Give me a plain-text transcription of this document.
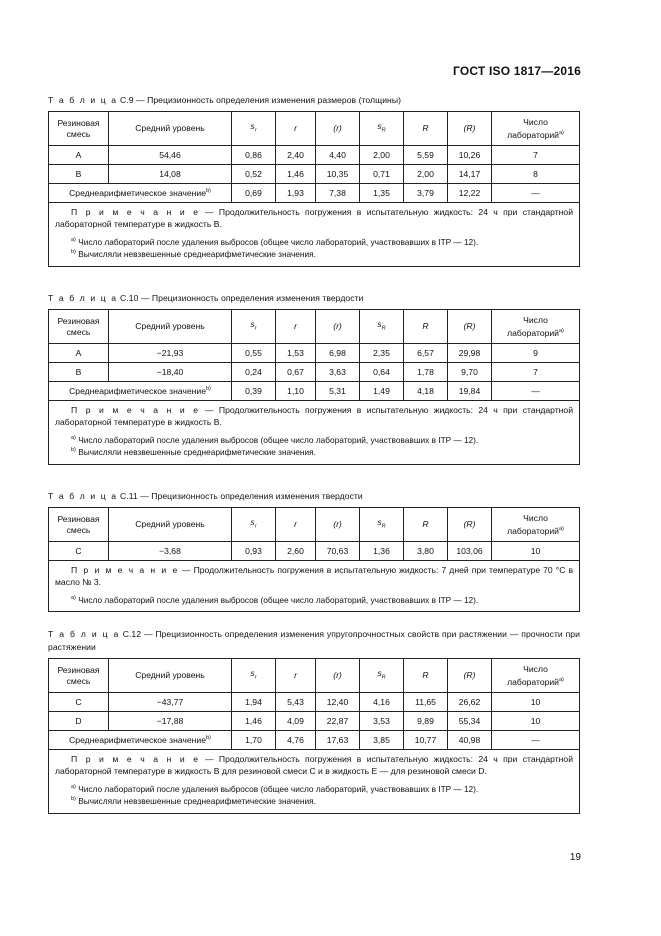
ГОСТ ISO 1817—2016

Т а б л и ц а С.9 — Прецизионность определения изменения размеров (толщины)

Резиновая смесь	Средний уровень	$s_r$	r	(r)	$s_R$	R	(R)	Число лабораторий$^{a)}$
A	54,46	0,86	2,40	4,40	2,00	5,59	10,26	7
B	14,08	0,52	1,46	10,35	0,71	2,00	14,17	8
Среднеарифметическое значение$^{b)}$		0,69	1,93	7,38	1,35	3,79	12,22	—

П р и м е ч а н и е — Продолжительность погружения в испытательную жидкость: 24 ч при стандартной лабораторной температуре в жидкость В.

$^{a)}$ Число лабораторий после удаления выбросов (общее число лабораторий, участвовавших в ITP — 12).

$^{b)}$ Вычисляли невзвешенные среднеарифметические значения.								

Т а б л и ц а С.10 — Прецизионность определения изменения твердости

Резиновая смесь	Средний уровень	$s_r$	r	(r)	$s_R$	R	(R)	Число лабораторий$^{a)}$
A	−21,93	0,55	1,53	6,98	2,35	6,57	29,98	9
B	−18,40	0,24	0,67	3,63	0,64	1,78	9,70	7
Среднеарифметическое значение$^{b)}$		0,39	1,10	5,31	1,49	4,18	19,84	—

П р и м е ч а н и е — Продолжительность погружения в испытательную жидкость: 24 ч при стандартной лабораторной температуре в жидкость В.

$^{a)}$ Число лабораторий после удаления выбросов (общее число лабораторий, участвовавших в ITP — 12).

$^{b)}$ Вычисляли невзвешенные среднеарифметические значения.								

Т а б л и ц а С.11 — Прецизионность определения изменения твердости

Резиновая смесь	Средний уровень	$s_r$	r	(r)	$s_R$	R	(R)	Число лабораторий$^{a)}$
C	−3,68	0,93	2,60	70,63	1,36	3,80	103,06	10

П р и м е ч а н и е — Продолжительность погружения в испытательную жидкость: 7 дней при температуре 70 °С в масло № 3.

$^{a)}$ Число лабораторий после удаления выбросов (общее число лабораторий, участвовавших в ITP — 12).								

Т а б л и ц а С.12 — Прецизионность определения изменения упругопрочностных свойств при растяжении — прочности при растяжении

Резиновая смесь	Средний уровень	$s_r$	r	(r)	$s_R$	R	(R)	Число лабораторий$^{a)}$
C	−43,77	1,94	5,43	12,40	4,16	11,65	26,62	10
D	−17,88	1,46	4,09	22,87	3,53	9,89	55,34	10
Среднеарифметическое значение$^{b)}$		1,70	4,76	17,63	3,85	10,77	40,98	—

П р и м е ч а н и е — Продолжительность погружения в испытательную жидкость: 24 ч при стандартной лабораторной температуре в жидкость В для резиновой смеси С и в жидкость Е — для резиновой смеси D.

$^{a)}$ Число лабораторий после удаления выбросов (общее число лабораторий, участвовавших в ITP — 12).

$^{b)}$ Вычисляли невзвешенные среднеарифметические значения.								

19
